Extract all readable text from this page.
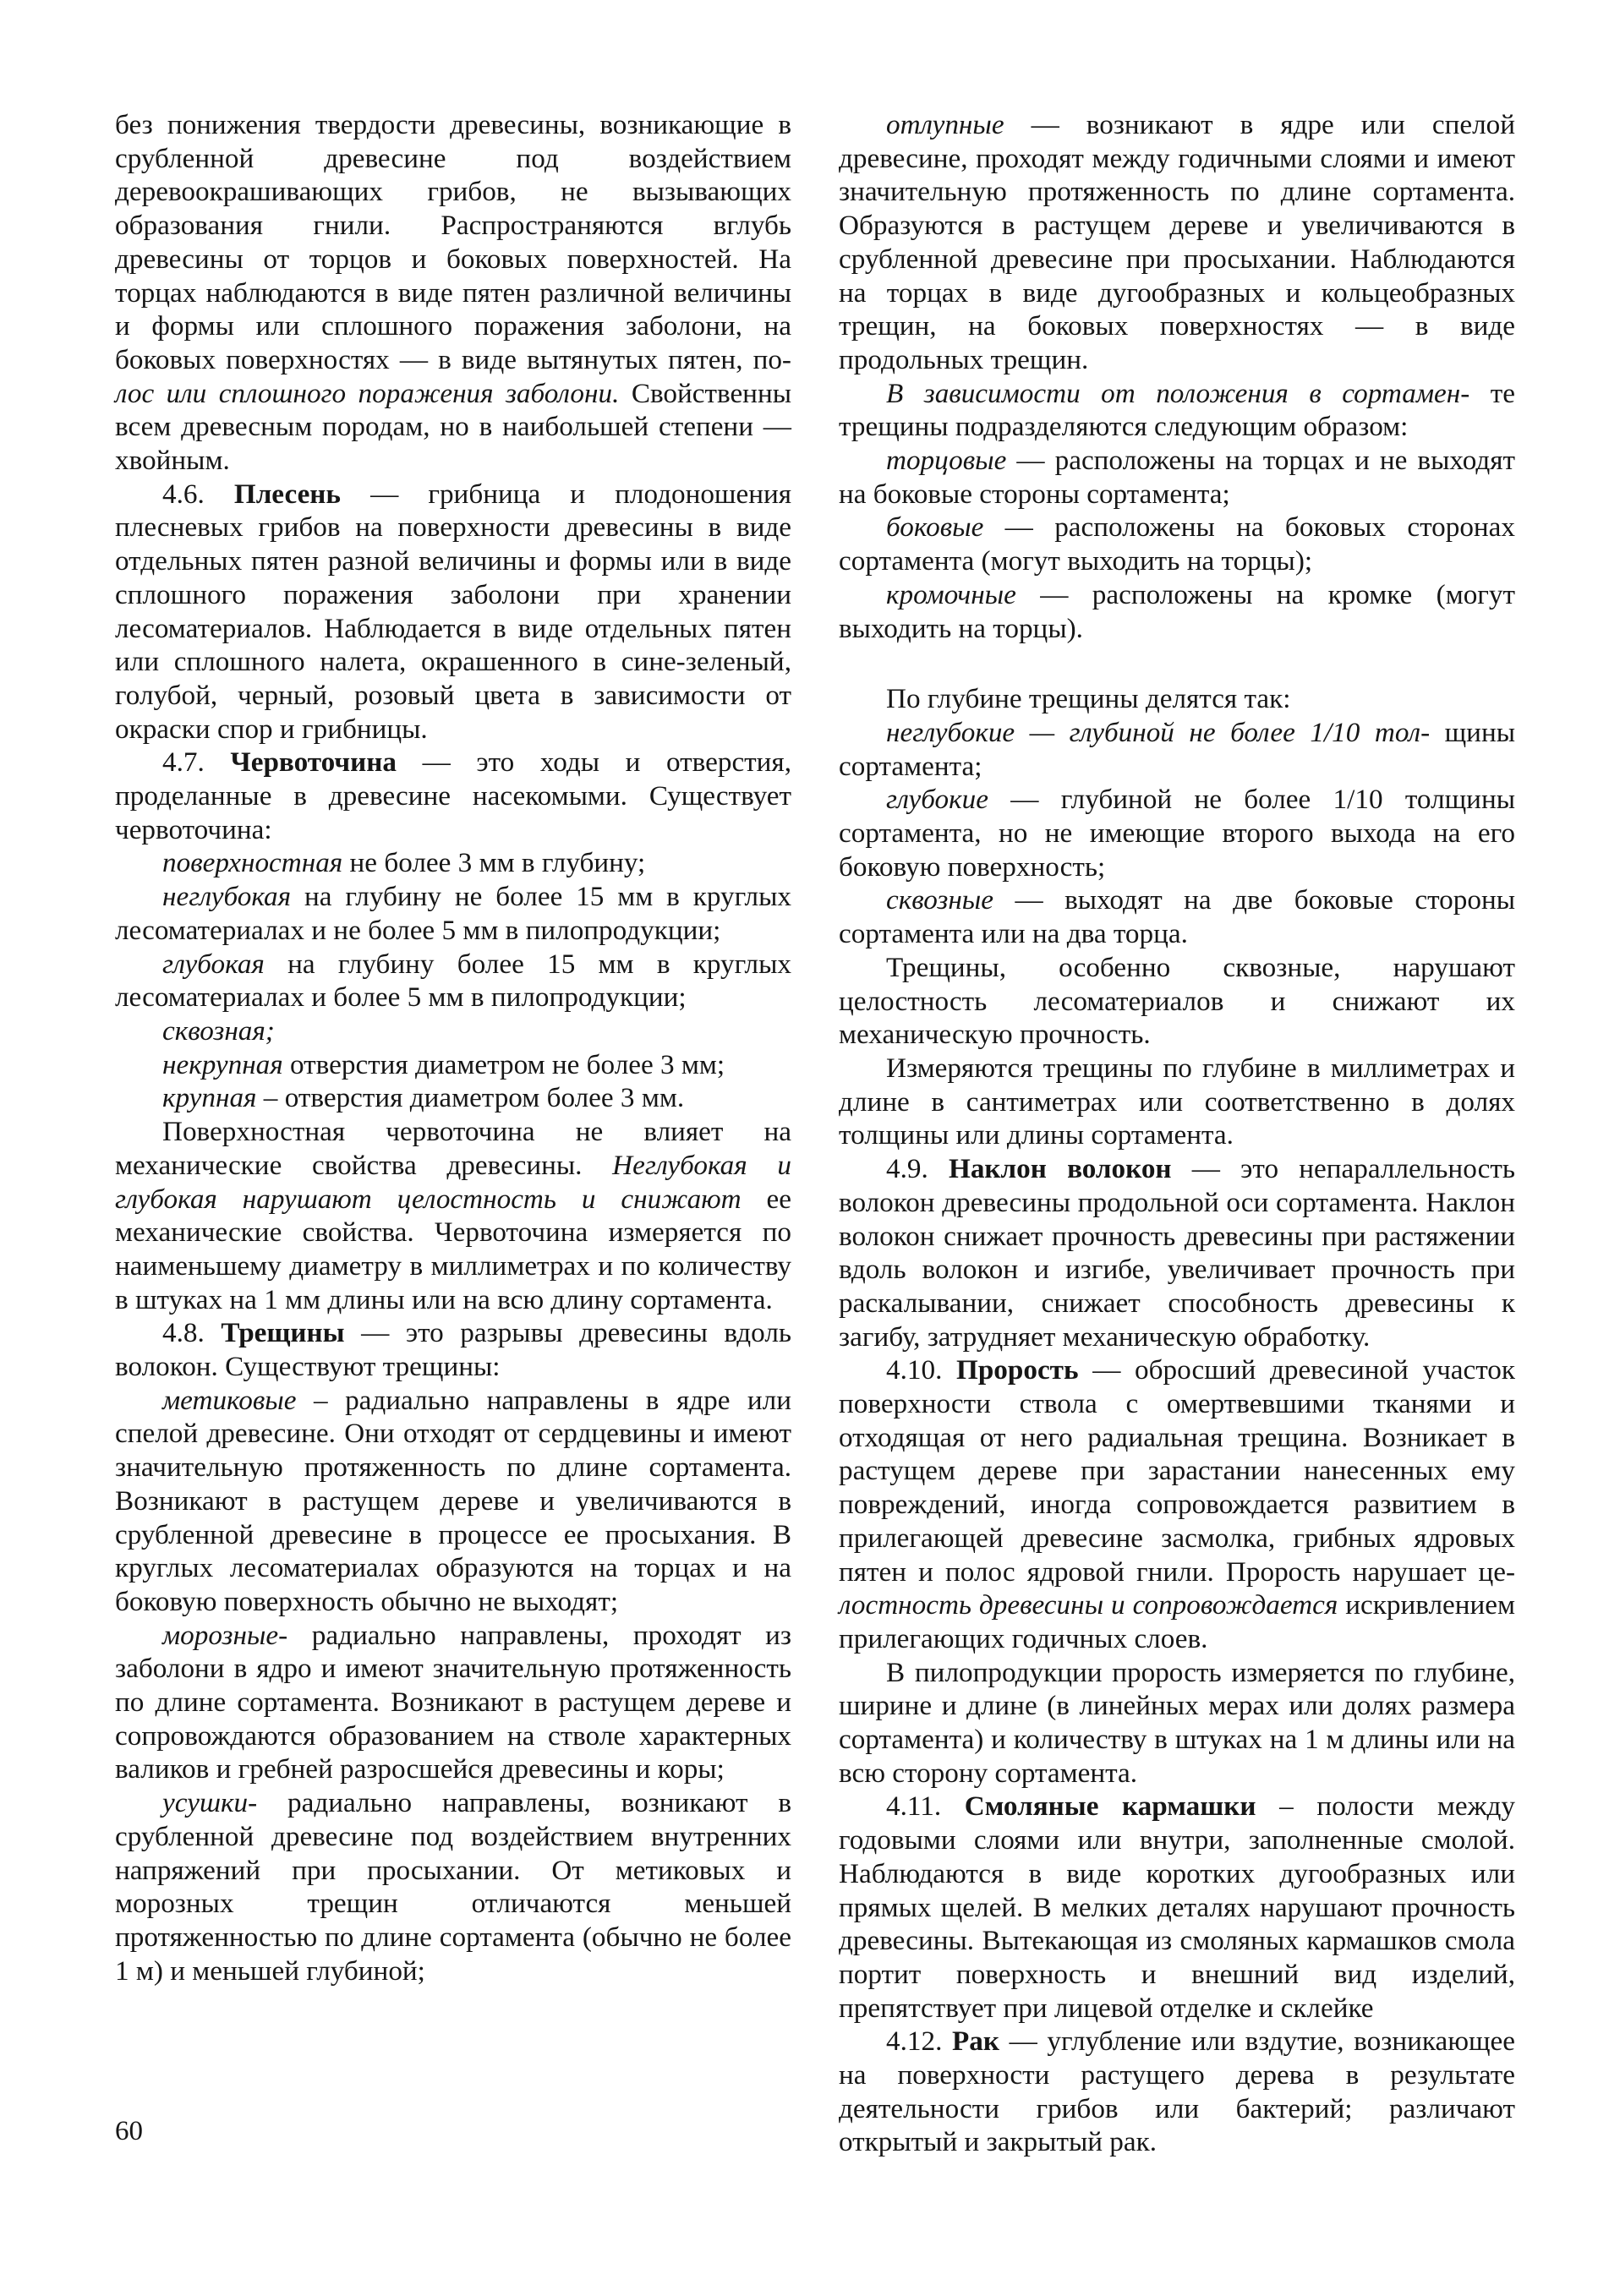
без понижения твердости древесины, возникающие в срубленной древесине под воздействием деревоокрашивающих грибов, не вызывающих образования гнили. Распространяются вглубь древесины от торцов и боковых поверхностей. На торцах наблюдаются в виде пятен различной величины и формы или сплошного поражения заболони, на боковых поверхностях — в виде вытянутых пятен, по- лос или сплошного поражения заболони. Свойственны всем древесным породам, но в наибольшей степени — хвойным.

4.6. Плесень — грибница и плодоношения плесневых грибов на поверхности древесины в виде отдельных пятен разной величины и формы или в виде сплошного поражения заболони при хранении лесоматериалов. Наблюдается в виде отдельных пятен или сплошного налета, окрашенного в сине-зеленый, голубой, черный, розовый цвета в зависимости от окраски спор и грибницы.

4.7. Червоточина — это ходы и отверстия, проделанные в древесине насекомыми. Существует червоточина:

поверхностная не более 3 мм в глубину;

неглубокая на глубину не более 15 мм в круглых лесоматериалах и не более 5 мм в пилопродукции;

глубокая на глубину более 15 мм в круглых лесоматериалах и более 5 мм в пилопродукции;

сквозная;

некрупная отверстия диаметром не более 3 мм;

крупная – отверстия диаметром более 3 мм.

Поверхностная червоточина не влияет на механические свойства древесины. Неглубокая и глубокая нарушают целостность и снижают ее механические свойства. Червоточина измеряется по наименьшему диаметру в миллиметрах и по количеству в штуках на 1 мм длины или на всю длину сортамента.

4.8. Трещины — это разрывы древесины вдоль волокон. Существуют трещины:

метиковые – радиально направлены в ядре или спелой древесине. Они отходят от сердцевины и имеют значительную протяженность по длине сортамента. Возникают в растущем дереве и увеличиваются в срубленной древесине в процессе ее просыхания. В круглых лесоматериалах образуются на торцах и на боковую поверхность обычно не выходят;

морозные- радиально направлены, проходят из заболони в ядро и имеют значительную протяженность по длине сортамента. Возникают в растущем дереве и сопровождаются образованием на стволе характерных валиков и гребней разросшейся древесины и коры;

усушки- радиально направлены, возникают в срубленной древесине под воздействием внутренних напряжений при просыхании. От метиковых и морозных трещин отличаются меньшей протяженностью по длине сортамента (обычно не более 1 м) и меньшей глубиной;

отлупные — возникают в ядре или спелой древесине, проходят между годичными слоями и имеют значительную протяженность по длине сортамента. Образуются в растущем дереве и увеличиваются в срубленной древесине при просыхании. Наблюдаются на торцах в виде дугообразных и кольцеобразных трещин, на боковых поверхностях — в виде продольных трещин.

В зависимости от положения в сортамен- те трещины подразделяются следующим образом:

торцовые — расположены на торцах и не выходят на боковые стороны сортамента;

боковые — расположены на боковых сторонах сортамента (могут выходить на торцы);

кромочные — расположены на кромке (могут выходить на торцы).

По глубине трещины делятся так:

неглубокие — глубиной не более 1/10 тол- щины сортамента;

глубокие — глубиной не более 1/10 толщины сортамента, но не имеющие второго выхода на его боковую поверхность;

сквозные — выходят на две боковые стороны сортамента или на два торца.

Трещины, особенно сквозные, нарушают целостность лесоматериалов и снижают их механическую прочность.

Измеряются трещины по глубине в миллиметрах и длине в сантиметрах или соответственно в долях толщины или длины сортамента.

4.9. Наклон волокон — это непараллельность волокон древесины продольной оси сортамента. Наклон волокон снижает прочность древесины при растяжении вдоль волокон и изгибе, увеличивает прочность при раскалывании, снижает способность древесины к загибу, затрудняет механическую обработку.

4.10. Прорость — обросший древесиной участок поверхности ствола с омертвевшими тканями и отходящая от него радиальная трещина. Возникает в растущем дереве при зарастании нанесенных ему повреждений, иногда сопровождается развитием в прилегающей древесине засмолка, грибных ядровых пятен и полос ядровой гнили. Прорость нарушает це- лостность древесины и сопровождается искривлением прилегающих годичных слоев.

В пилопродукции прорость измеряется по глубине, ширине и длине (в линейных мерах или долях размера сортамента) и количеству в штуках на 1 м длины или на всю сторону сортамента.

4.11. Смоляные кармашки – полости между годовыми слоями или внутри, заполненные смолой. Наблюдаются в виде коротких дугообразных или прямых щелей. В мелких деталях нарушают прочность древесины. Вытекающая из смоляных кармашков смола портит поверхность и внешний вид изделий, препятствует при лицевой отделке и склейке

4.12. Рак — углубление или вздутие, возникающее на поверхности растущего дерева в результате деятельности грибов или бактерий; различают открытый и закрытый рак.

60
